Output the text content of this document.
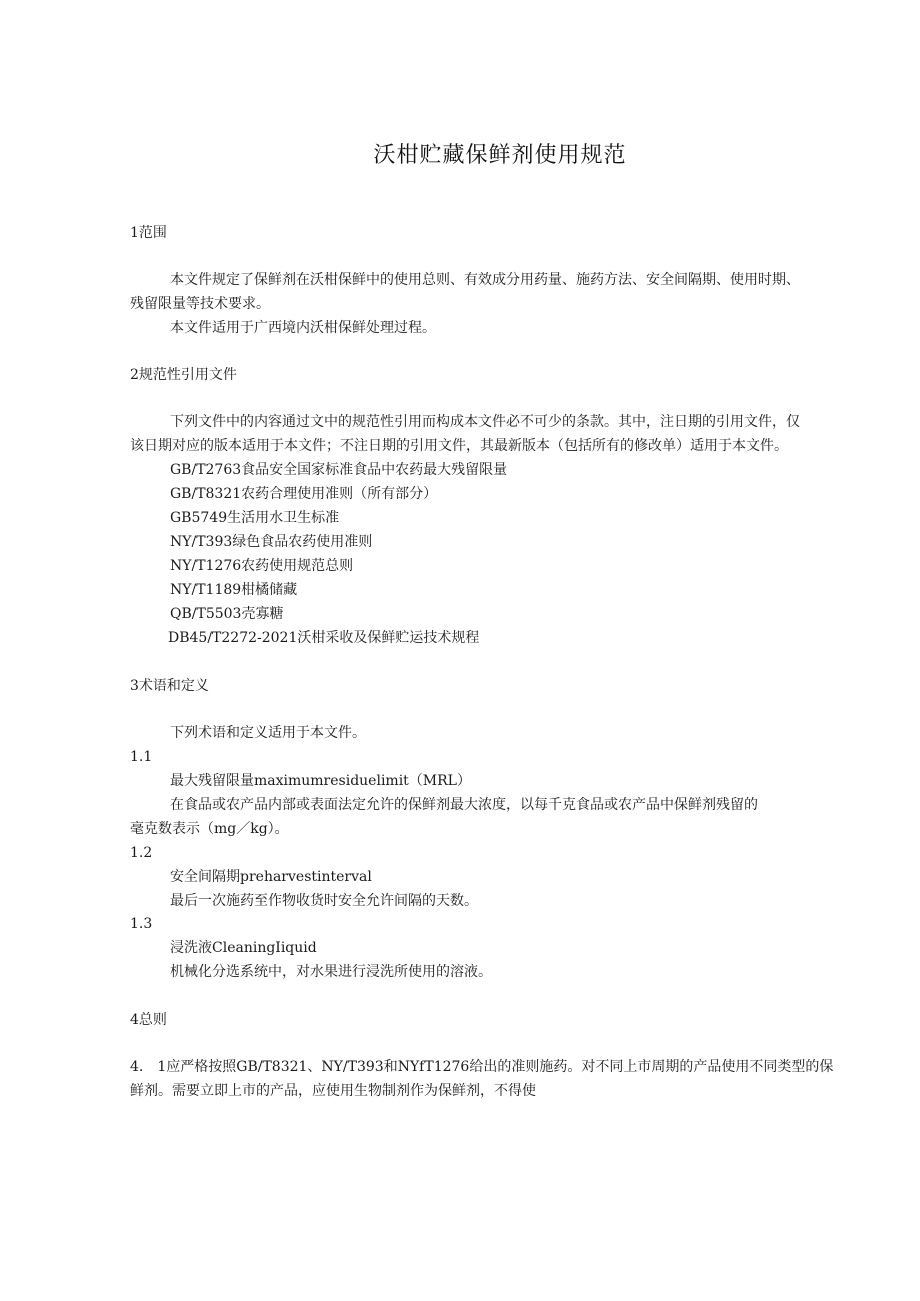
沃柑贮藏保鲜剂使用规范
1范围
本文件规定了保鲜剂在沃柑保鲜中的使用总则、有效成分用药量、施药方法、安全间隔期、使用时期、
残留限量等技术要求。
本文件适用于广西境内沃柑保鲜处理过程。
2规范性引用文件
下列文件中的内容通过文中的规范性引用而构成本文件必不可少的条款。其中，注日期的引用文件，仅
该日期对应的版本适用于本文件；不注日期的引用文件，其最新版本（包括所有的修改单）适用于本文件。
GB/T2763食品安全国家标准食品中农药最大残留限量
GB/T8321农药合理使用准则（所有部分）
GB5749生活用水卫生标准
NY/T393绿色食品农药使用准则
NY/T1276农药使用规范总则
NY/T1189柑橘储藏
QB/T5503壳寡糖
DB45/T2272-2021沃柑采收及保鲜贮运技术规程
3术语和定义
下列术语和定义适用于本文件。
1.1
最大残留限量maximumresiduelimit（MRL）
在食品或农产品内部或表面法定允许的保鲜剂最大浓度，以每千克食品或农产品中保鲜剂残留的
毫克数表示（mg／kg）。
1.2
安全间隔期preharvestinterval
最后一次施药至作物收货时安全允许间隔的天数。
1.3
浸洗液CleaningIiquid
机械化分选系统中，对水果进行浸洗所使用的溶液。
4总则
4.　1应严格按照GB/T8321、NY/T393和NYfT1276给出的准则施药。对不同上市周期的产品使用不同类型的保
鲜剂。需要立即上市的产品，应使用生物制剂作为保鲜剂，不得使
